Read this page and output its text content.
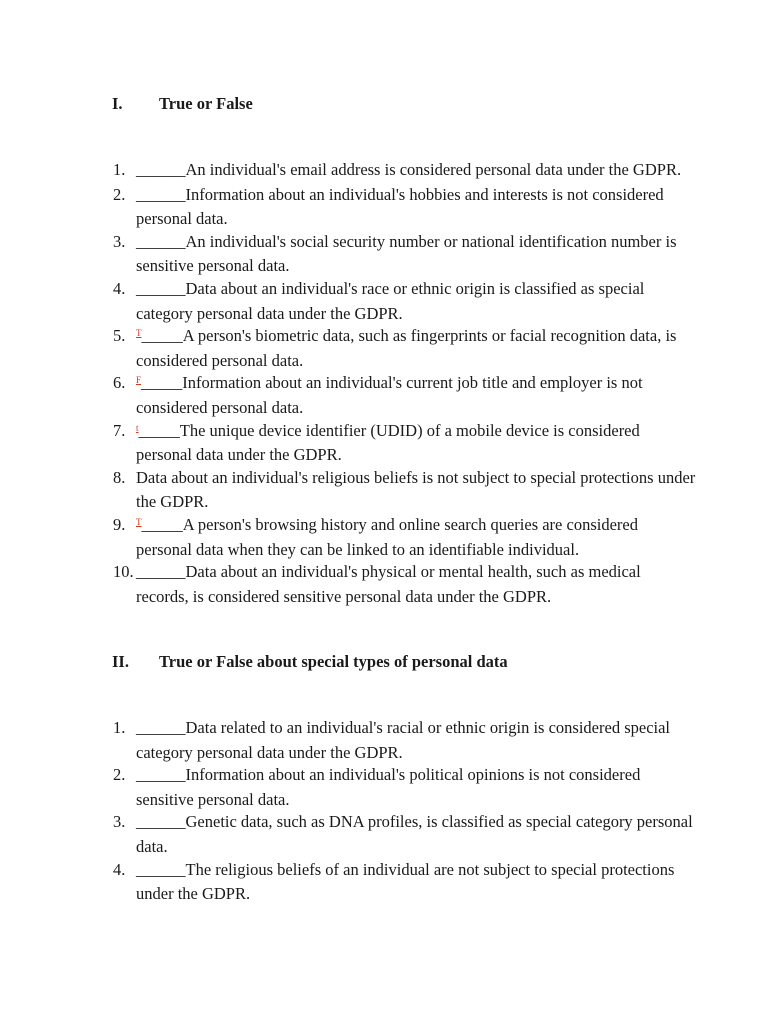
I. True or False
1. ______An individual's email address is considered personal data under the GDPR.
2. ______Information about an individual's hobbies and interests is not considered personal data.
3. ______An individual's social security number or national identification number is sensitive personal data.
4. ______Data about an individual's race or ethnic origin is classified as special category personal data under the GDPR.
5. $^T$_____A person's biometric data, such as fingerprints or facial recognition data, is considered personal data.
6. $^F$_____Information about an individual's current job title and employer is not considered personal data.
7. $^t$_____The unique device identifier (UDID) of a mobile device is considered personal data under the GDPR.
8. Data about an individual's religious beliefs is not subject to special protections under the GDPR.
9. $^T$_____A person's browsing history and online search queries are considered personal data when they can be linked to an identifiable individual.
10. ______Data about an individual's physical or mental health, such as medical records, is considered sensitive personal data under the GDPR.
II. True or False about special types of personal data
1. ______Data related to an individual's racial or ethnic origin is considered special category personal data under the GDPR.
2. ______Information about an individual's political opinions is not considered sensitive personal data.
3. ______Genetic data, such as DNA profiles, is classified as special category personal data.
4. ______The religious beliefs of an individual are not subject to special protections under the GDPR.
